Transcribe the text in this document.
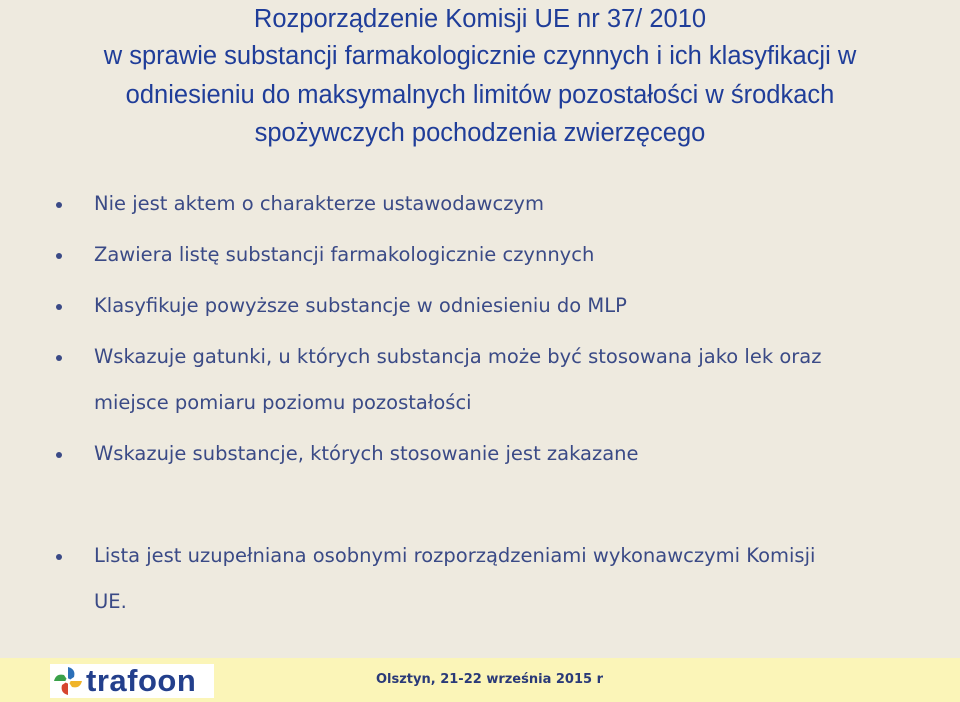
Rozporządzenie Komisji UE nr 37/ 2010
w sprawie substancji farmakologicznie czynnych i ich klasyfikacji w
odniesieniu do maksymalnych limitów pozostałości w środkach
spożywczych pochodzenia zwierzęcego
Nie jest aktem o charakterze ustawodawczym
Zawiera listę substancji farmakologicznie czynnych
Klasyfikuje powyższe substancje w odniesieniu do MLP
Wskazuje gatunki, u których substancja może być stosowana jako lek oraz
miejsce pomiaru poziomu pozostałości
Wskazuje substancje, których stosowanie jest zakazane
Lista jest uzupełniana osobnymi rozporządzeniami wykonawczymi Komisji
UE.
trafoon	Olsztyn, 21-22 września 2015 r
